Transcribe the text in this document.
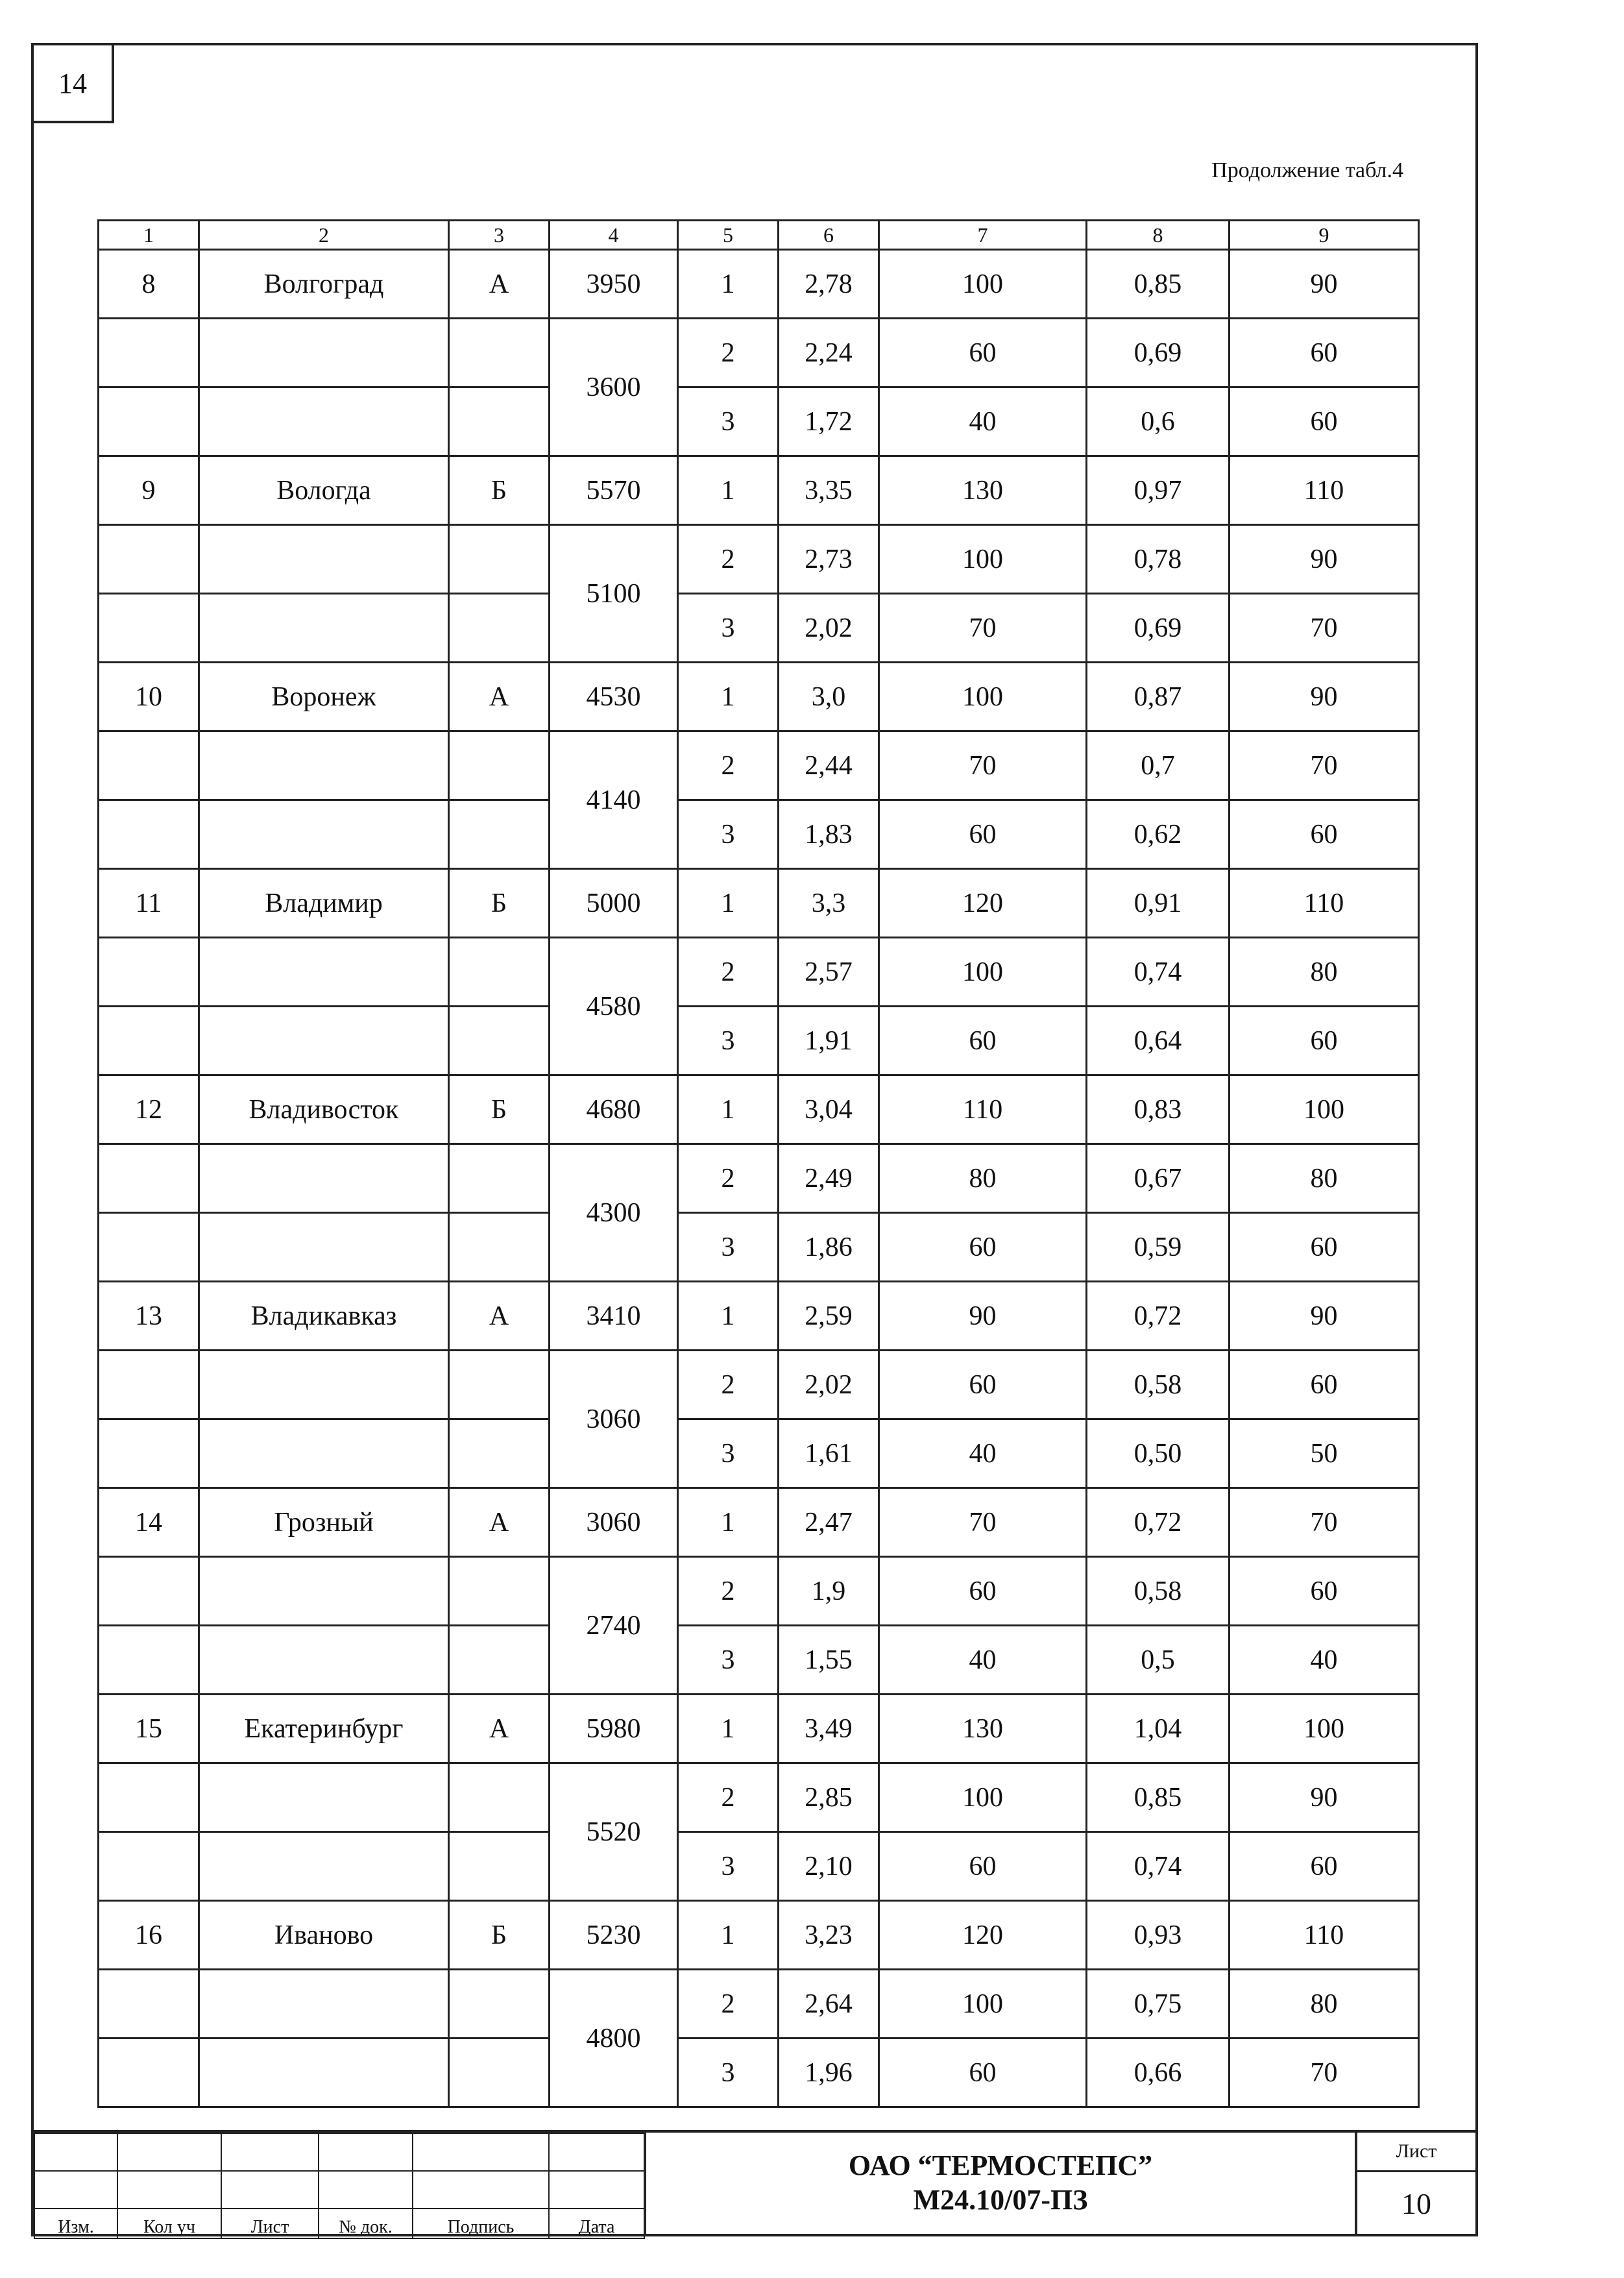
14
Продолжение табл.4
1	2	3	4	5	6	7	8	9
8	Волгоград	А	3950	1	2,78	100	0,85	90
			3600	2	2,24	60	0,69	60
				3	1,72	40	0,6	60
9	Вологда	Б	5570	1	3,35	130	0,97	110
			5100	2	2,73	100	0,78	90
				3	2,02	70	0,69	70
10	Воронеж	А	4530	1	3,0	100	0,87	90
			4140	2	2,44	70	0,7	70
				3	1,83	60	0,62	60
11	Владимир	Б	5000	1	3,3	120	0,91	110
			4580	2	2,57	100	0,74	80
				3	1,91	60	0,64	60
12	Владивосток	Б	4680	1	3,04	110	0,83	100
			4300	2	2,49	80	0,67	80
				3	1,86	60	0,59	60
13	Владикавказ	А	3410	1	2,59	90	0,72	90
			3060	2	2,02	60	0,58	60
				3	1,61	40	0,50	50
14	Грозный	А	3060	1	2,47	70	0,72	70
			2740	2	1,9	60	0,58	60
				3	1,55	40	0,5	40
15	Екатеринбург	А	5980	1	3,49	130	1,04	100
			5520	2	2,85	100	0,85	90
				3	2,10	60	0,74	60
16	Иваново	Б	5230	1	3,23	120	0,93	110
			4800	2	2,64	100	0,75	80
				3	1,96	60	0,66	70

Изм.	Кол уч	Лист	№ док.	Подпись	Дата
ОАО “ТЕРМОСТЕПС”
М24.10/07-ПЗ
Лист
10
